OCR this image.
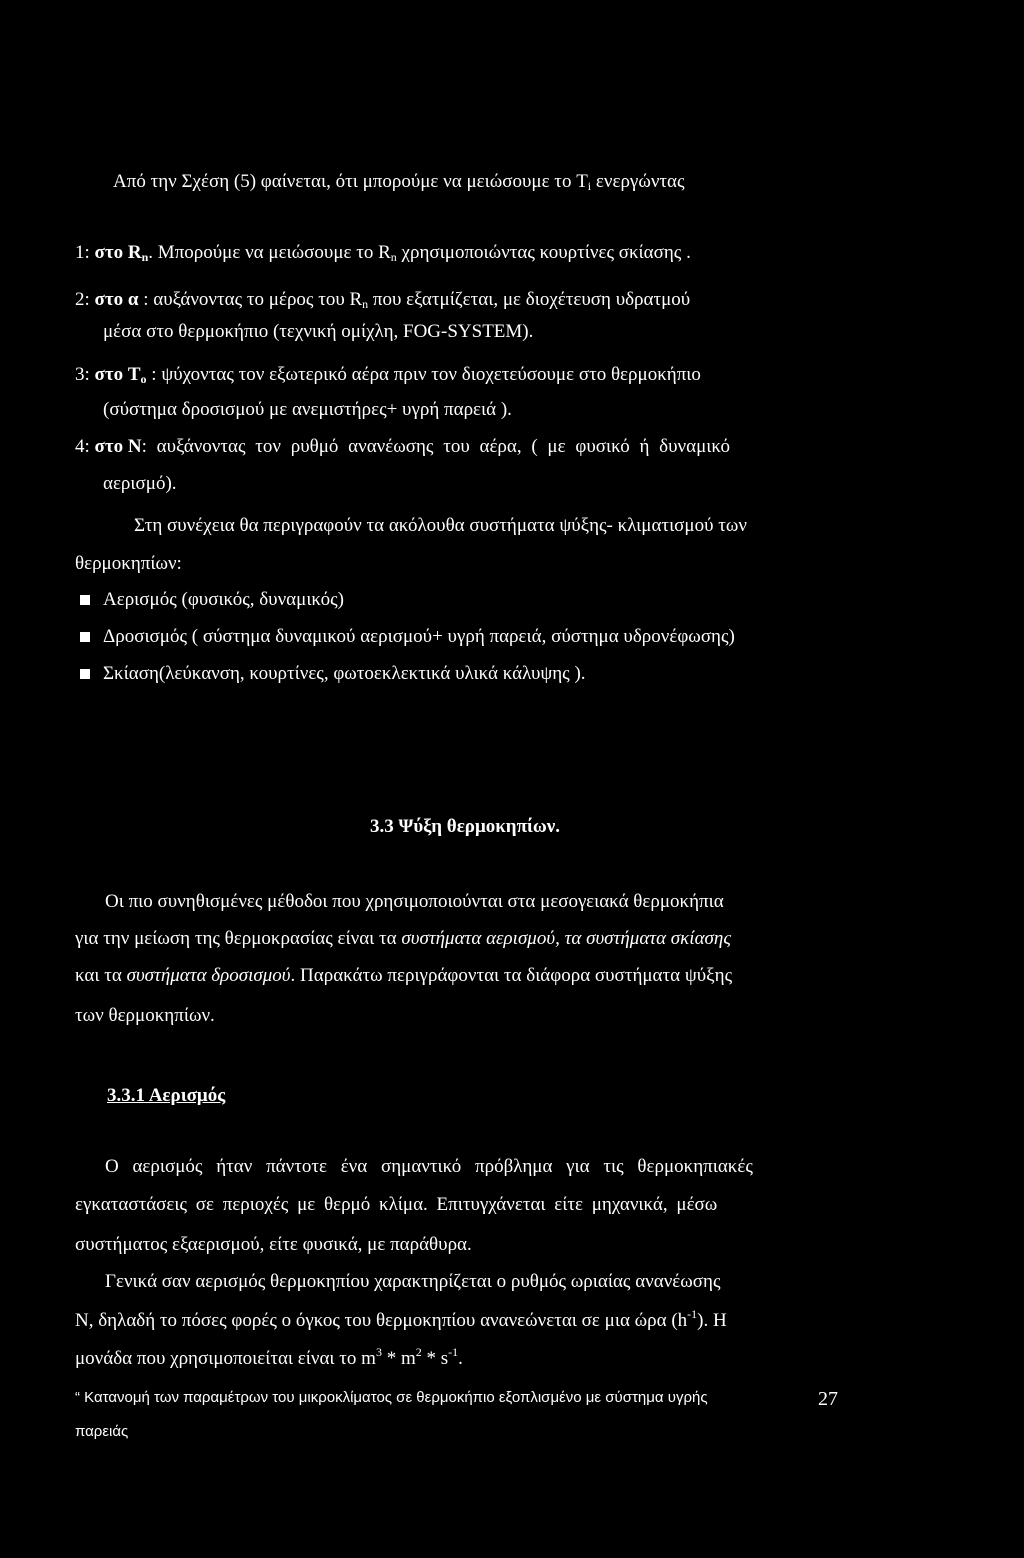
Από την Σχέση (5) φαίνεται, ότι μπορούμε να μειώσουμε το $T_i$ ενεργώντας
1: στο $R_n$. Μπορούμε να μειώσουμε το $R_n$ χρησιμοποιώντας κουρτίνες σκίασης .
2: στο α : αυξάνοντας το μέρος του $R_n$ που εξατμίζεται, με διοχέτευση υδρατμού
μέσα στο θερμοκήπιο (τεχνική ομίχλη, FOG-SYSTEM).
3: στο $T_o$ : ψύχοντας τον εξωτερικό αέρα πριν τον διοχετεύσουμε στο θερμοκήπιο
(σύστημα δροσισμού με ανεμιστήρες+ υγρή παρειά ).
4: στο N: αυξάνοντας τον ρυθμό ανανέωσης του αέρα, ( με φυσικό ή δυναμικό
αερισμό).
Στη συνέχεια θα περιγραφούν τα ακόλουθα συστήματα ψύξης- κλιματισμού των
θερμοκηπίων:
Αερισμός (φυσικός, δυναμικός)
Δροσισμός ( σύστημα δυναμικού αερισμού+ υγρή παρειά, σύστημα υδρονέφωσης)
Σκίαση(λεύκανση, κουρτίνες, φωτοεκλεκτικά υλικά κάλυψης ).
3.3 Ψύξη θερμοκηπίων.
Οι πιο συνηθισμένες μέθοδοι που χρησιμοποιούνται στα μεσογειακά θερμοκήπια
για την μείωση της θερμοκρασίας είναι τα συστήματα αερισμού, τα συστήματα σκίασης
και τα συστήματα δροσισμού. Παρακάτω περιγράφονται τα διάφορα συστήματα ψύξης
των θερμοκηπίων.
3.3.1 Αερισμός
Ο αερισμός ήταν πάντοτε ένα σημαντικό πρόβλημα για τις θερμοκηπιακές
εγκαταστάσεις σε περιοχές με θερμό κλίμα. Επιτυγχάνεται είτε μηχανικά, μέσω
συστήματος εξαερισμού, είτε φυσικά, με παράθυρα.
Γενικά σαν αερισμός θερμοκηπίου χαρακτηρίζεται ο ρυθμός ωριαίας ανανέωσης
N, δηλαδή το πόσες φορές ο όγκος του θερμοκηπίου ανανεώνεται σε μια ώρα $(h^{-1})$. Η
μονάδα που χρησιμοποιείται είναι το $m^3 * m^2 * s^{-1}$.
“ Κατανομή των παραμέτρων του μικροκλίματος σε θερμοκήπιο εξοπλισμένο με σύστημα υγρής	27
παρειάς
